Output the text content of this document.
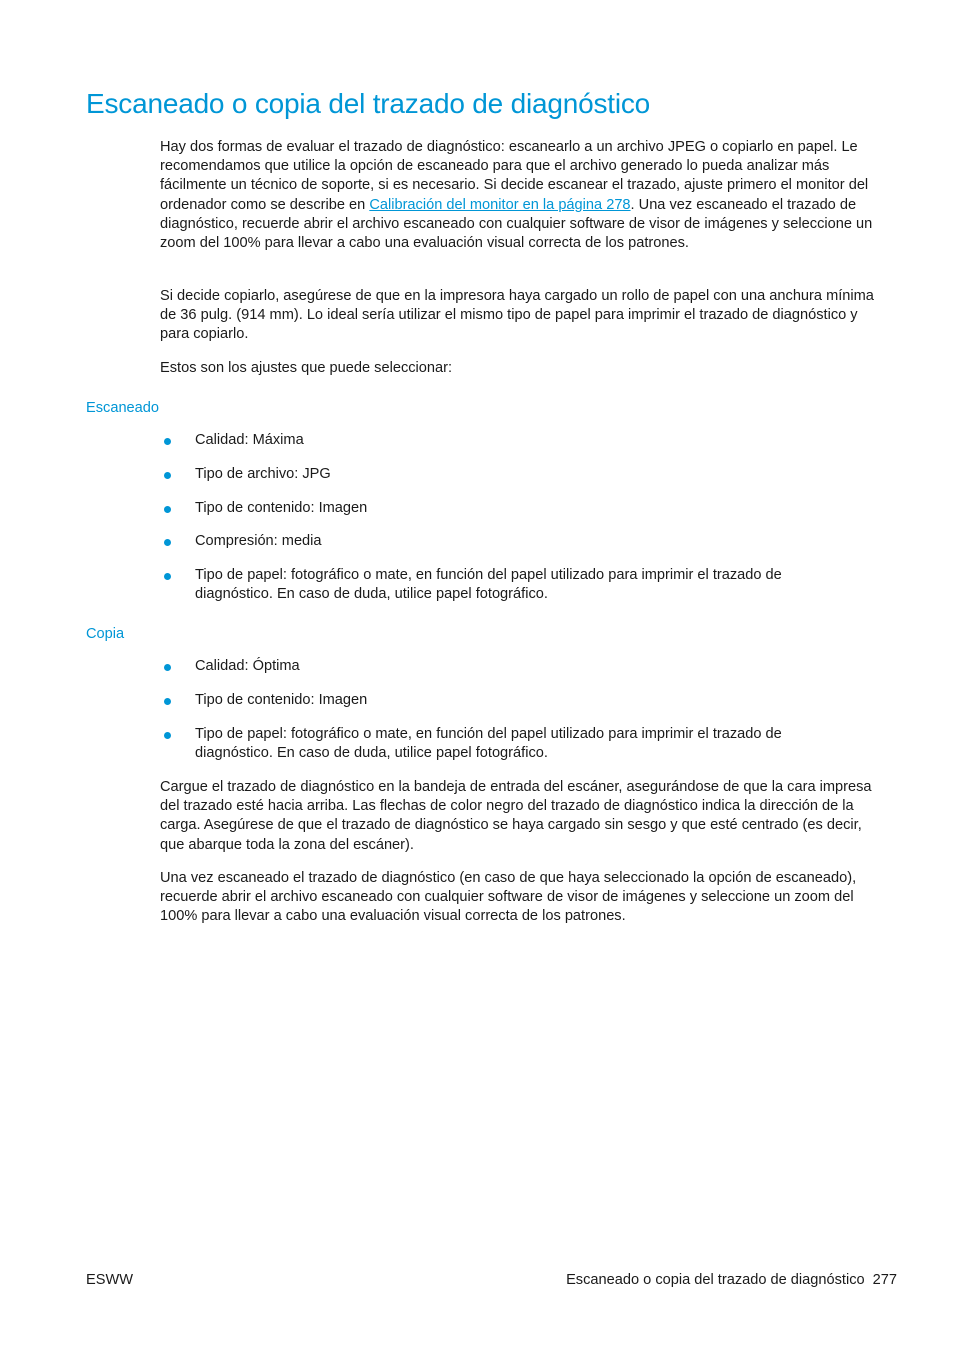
Escaneado o copia del trazado de diagnóstico

Hay dos formas de evaluar el trazado de diagnóstico: escanearlo a un archivo JPEG o copiarlo en papel. Le recomendamos que utilice la opción de escaneado para que el archivo generado lo pueda analizar más fácilmente un técnico de soporte, si es necesario. Si decide escanear el trazado, ajuste primero el monitor del ordenador como se describe en Calibración del monitor en la página 278. Una vez escaneado el trazado de diagnóstico, recuerde abrir el archivo escaneado con cualquier software de visor de imágenes y seleccione un zoom del 100% para llevar a cabo una evaluación visual correcta de los patrones.

Si decide copiarlo, asegúrese de que en la impresora haya cargado un rollo de papel con una anchura mínima de 36 pulg. (914 mm). Lo ideal sería utilizar el mismo tipo de papel para imprimir el trazado de diagnóstico y para copiarlo.

Estos son los ajustes que puede seleccionar:

Escaneado
Calidad: Máxima
Tipo de archivo: JPG
Tipo de contenido: Imagen
Compresión: media
Tipo de papel: fotográfico o mate, en función del papel utilizado para imprimir el trazado de diagnóstico. En caso de duda, utilice papel fotográfico.
Copia
Calidad: Óptima
Tipo de contenido: Imagen
Tipo de papel: fotográfico o mate, en función del papel utilizado para imprimir el trazado de diagnóstico. En caso de duda, utilice papel fotográfico.

Cargue el trazado de diagnóstico en la bandeja de entrada del escáner, asegurándose de que la cara impresa del trazado esté hacia arriba. Las flechas de color negro del trazado de diagnóstico indica la dirección de la carga. Asegúrese de que el trazado de diagnóstico se haya cargado sin sesgo y que esté centrado (es decir, que abarque toda la zona del escáner).

Una vez escaneado el trazado de diagnóstico (en caso de que haya seleccionado la opción de escaneado), recuerde abrir el archivo escaneado con cualquier software de visor de imágenes y seleccione un zoom del 100% para llevar a cabo una evaluación visual correcta de los patrones.

ESWW	Escaneado o copia del trazado de diagnóstico 277
